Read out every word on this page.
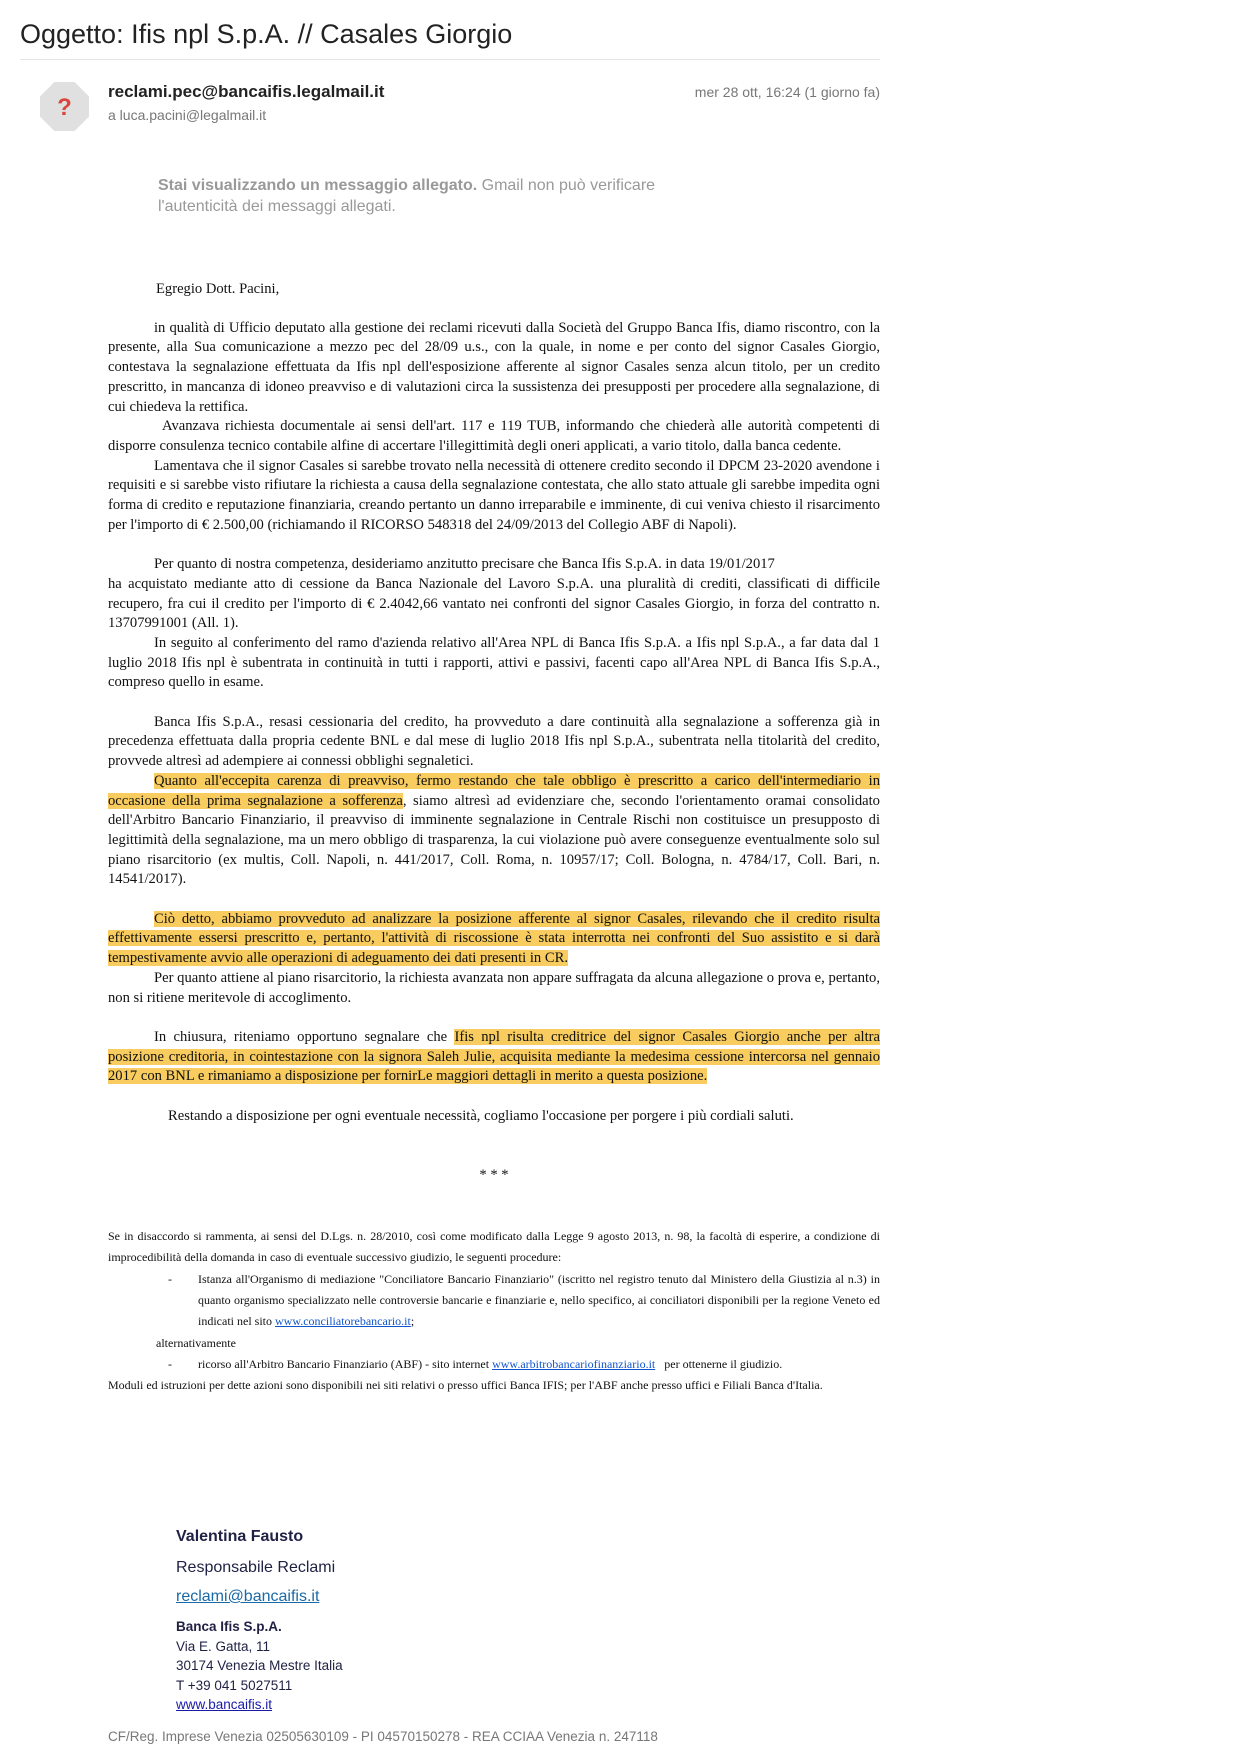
Oggetto: Ifis npl S.p.A. // Casales Giorgio
?
reclami.pec@bancaifis.legalmail.it
a luca.pacini@legalmail.it
mer 28 ott, 16:24 (1 giorno fa)
Stai visualizzando un messaggio allegato. Gmail non può verificare l'autenticità dei messaggi allegati.

Egregio Dott. Pacini,

in qualità di Ufficio deputato alla gestione dei reclami ricevuti dalla Società del Gruppo Banca Ifis, diamo riscontro, con la presente, alla Sua comunicazione a mezzo pec del 28/09 u.s., con la quale, in nome e per conto del signor Casales Giorgio, contestava la segnalazione effettuata da Ifis npl dell'esposizione afferente al signor Casales senza alcun titolo, per un credito prescritto, in mancanza di idoneo preavviso e di valutazioni circa la sussistenza dei presupposti per procedere alla segnalazione, di cui chiedeva la rettifica.

Avanzava richiesta documentale ai sensi dell'art. 117 e 119 TUB, informando che chiederà alle autorità competenti di disporre consulenza tecnico contabile alfine di accertare l'illegittimità degli oneri applicati, a vario titolo, dalla banca cedente.

Lamentava che il signor Casales si sarebbe trovato nella necessità di ottenere credito secondo il DPCM 23-2020 avendone i requisiti e si sarebbe visto rifiutare la richiesta a causa della segnalazione contestata, che allo stato attuale gli sarebbe impedita ogni forma di credito e reputazione finanziaria, creando pertanto un danno irreparabile e imminente, di cui veniva chiesto il risarcimento per l'importo di € 2.500,00 (richiamando il RICORSO 548318 del 24/09/2013 del Collegio ABF di Napoli).

Per quanto di nostra competenza, desideriamo anzitutto precisare che Banca Ifis S.p.A. in data 19/01/2017

ha acquistato mediante atto di cessione da Banca Nazionale del Lavoro S.p.A. una pluralità di crediti, classificati di difficile recupero, fra cui il credito per l'importo di € 2.4042,66 vantato nei confronti del signor Casales Giorgio, in forza del contratto n. 13707991001 (All. 1).

In seguito al conferimento del ramo d'azienda relativo all'Area NPL di Banca Ifis S.p.A. a Ifis npl S.p.A., a far data dal 1 luglio 2018 Ifis npl è subentrata in continuità in tutti i rapporti, attivi e passivi, facenti capo all'Area NPL di Banca Ifis S.p.A., compreso quello in esame.

Banca Ifis S.p.A., resasi cessionaria del credito, ha provveduto a dare continuità alla segnalazione a sofferenza già in precedenza effettuata dalla propria cedente BNL e dal mese di luglio 2018 Ifis npl S.p.A., subentrata nella titolarità del credito, provvede altresì ad adempiere ai connessi obblighi segnaletici.

Quanto all'eccepita carenza di preavviso, fermo restando che tale obbligo è prescritto a carico dell'intermediario in occasione della prima segnalazione a sofferenza, siamo altresì ad evidenziare che, secondo l'orientamento oramai consolidato dell'Arbitro Bancario Finanziario, il preavviso di imminente segnalazione in Centrale Rischi non costituisce un presupposto di legittimità della segnalazione, ma un mero obbligo di trasparenza, la cui violazione può avere conseguenze eventualmente solo sul piano risarcitorio (ex multis, Coll. Napoli, n. 441/2017, Coll. Roma, n. 10957/17; Coll. Bologna, n. 4784/17, Coll. Bari, n. 14541/2017).

Ciò detto, abbiamo provveduto ad analizzare la posizione afferente al signor Casales, rilevando che il credito risulta effettivamente essersi prescritto e, pertanto, l'attività di riscossione è stata interrotta nei confronti del Suo assistito e si darà tempestivamente avvio alle operazioni di adeguamento dei dati presenti in CR.

Per quanto attiene al piano risarcitorio, la richiesta avanzata non appare suffragata da alcuna allegazione o prova e, pertanto, non si ritiene meritevole di accoglimento.

In chiusura, riteniamo opportuno segnalare che Ifis npl risulta creditrice del signor Casales Giorgio anche per altra posizione creditoria, in cointestazione con la signora Saleh Julie, acquisita mediante la medesima cessione intercorsa nel gennaio 2017 con BNL e rimaniamo a disposizione per fornirLe maggiori dettagli in merito a questa posizione.

Restando a disposizione per ogni eventuale necessità, cogliamo l'occasione per porgere i più cordiali saluti.

* * *

Se in disaccordo si rammenta, ai sensi del D.Lgs. n. 28/2010, così come modificato dalla Legge 9 agosto 2013, n. 98, la facoltà di esperire, a condizione di improcedibilità della domanda in caso di eventuale successivo giudizio, le seguenti procedure:

-	Istanza all'Organismo di mediazione "Conciliatore Bancario Finanziario" (iscritto nel registro tenuto dal Ministero della Giustizia al n.3) in quanto organismo specializzato nelle controversie bancarie e finanziarie e, nello specifico, ai conciliatori disponibili per la regione Veneto ed indicati nel sito www.conciliatorebancario.it;
alternativamente
-	ricorso all'Arbitro Bancario Finanziario (ABF) - sito internet www.arbitrobancariofinanziario.it   per ottenerne il giudizio.

Moduli ed istruzioni per dette azioni sono disponibili nei siti relativi o presso uffici Banca IFIS; per l'ABF anche presso uffici e Filiali Banca d'Italia.

Valentina Fausto
Responsabile Reclami
reclami@bancaifis.it
Banca Ifis S.p.A.
Via E. Gatta, 11
30174 Venezia Mestre Italia
T +39 041 5027511
www.bancaifis.it
CF/Reg. Imprese Venezia 02505630109 - PI 04570150278 - REA CCIAA Venezia n. 247118
